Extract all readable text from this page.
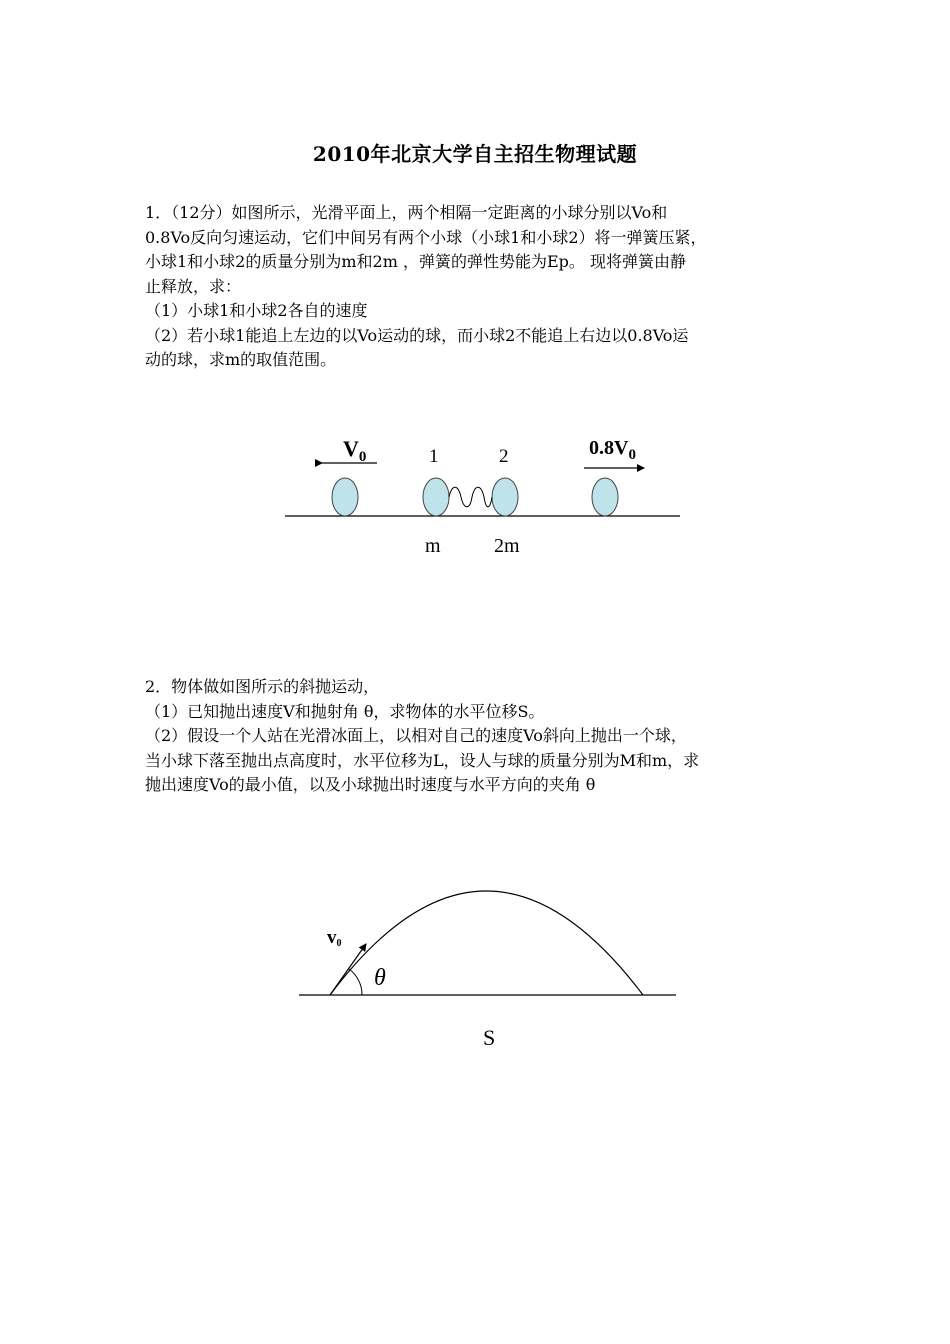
2010年北京大学自主招生物理试题
1．（12分）如图所示，光滑平面上，两个相隔一定距离的小球分别以Vo和
0.8Vo反向匀速运动，它们中间另有两个小球（小球1和小球2）将一弹簧压紧，
小球1和小球2的质量分别为m和2m ，弹簧的弹性势能为Ep。 现将弹簧由静
止释放，求：
（1）小球1和小球2各自的速度
（2）若小球1能追上左边的以Vo运动的球，而小球2不能追上右边以0.8Vo运
动的球，求m的取值范围。
$V_0$	$0.8V_0$
1	2
m	2m
v0
θ
S
2．物体做如图所示的斜抛运动，
（1）已知抛出速度V和抛射角 θ，求物体的水平位移S。
（2）假设一个人站在光滑冰面上，以相对自己的速度Vo斜向上抛出一个球，
当小球下落至抛出点高度时，水平位移为L，设人与球的质量分别为M和m，求
抛出速度Vo的最小值，以及小球抛出时速度与水平方向的夹角 θ
